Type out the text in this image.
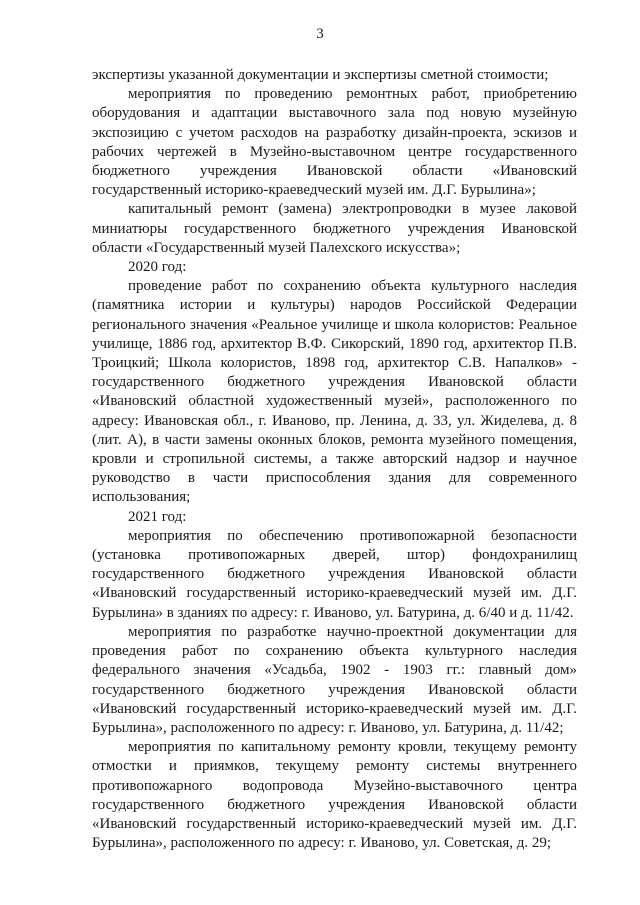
3

экспертизы указанной документации и экспертизы сметной стоимости;

мероприятия по проведению ремонтных работ, приобретению оборудования и адаптации выставочного зала под новую музейную экспозицию с учетом расходов на разработку дизайн-проекта, эскизов и рабочих чертежей в Музейно-выставочном центре государственного бюджетного учреждения Ивановской области «Ивановский государственный историко-краеведческий музей им. Д.Г. Бурылина»;

капитальный ремонт (замена) электропроводки в музее лаковой миниатюры государственного бюджетного учреждения Ивановской области «Государственный музей Палехского искусства»;

2020 год:

проведение работ по сохранению объекта культурного наследия (памятника истории и культуры) народов Российской Федерации регионального значения «Реальное училище и школа колористов: Реальное училище, 1886 год, архитектор В.Ф. Сикорский, 1890 год, архитектор П.В. Троицкий; Школа колористов, 1898 год, архитектор С.В. Напалков» - государственного бюджетного учреждения Ивановской области «Ивановский областной художественный музей», расположенного по адресу: Ивановская обл., г. Иваново, пр. Ленина, д. 33, ул. Жиделева, д. 8 (лит. А), в части замены оконных блоков, ремонта музейного помещения, кровли и стропильной системы, а также авторский надзор и научное руководство в части приспособления здания для современного использования;

2021 год:

мероприятия по обеспечению противопожарной безопасности (установка противопожарных дверей, штор) фондохранилищ государственного бюджетного учреждения Ивановской области «Ивановский государственный историко-краеведческий музей им. Д.Г. Бурылина» в зданиях по адресу: г. Иваново, ул. Батурина, д. 6/40 и д. 11/42.

мероприятия по разработке научно-проектной документации для проведения работ по сохранению объекта культурного наследия федерального значения «Усадьба, 1902 - 1903 гг.: главный дом» государственного бюджетного учреждения Ивановской области «Ивановский государственный историко-краеведческий музей им. Д.Г. Бурылина», расположенного по адресу: г. Иваново, ул. Батурина, д. 11/42;

мероприятия по капитальному ремонту кровли, текущему ремонту отмостки и приямков, текущему ремонту системы внутреннего противопожарного водопровода Музейно-выставочного центра государственного бюджетного учреждения Ивановской области «Ивановский государственный историко-краеведческий музей им. Д.Г. Бурылина», расположенного по адресу: г. Иваново, ул. Советская, д. 29;
